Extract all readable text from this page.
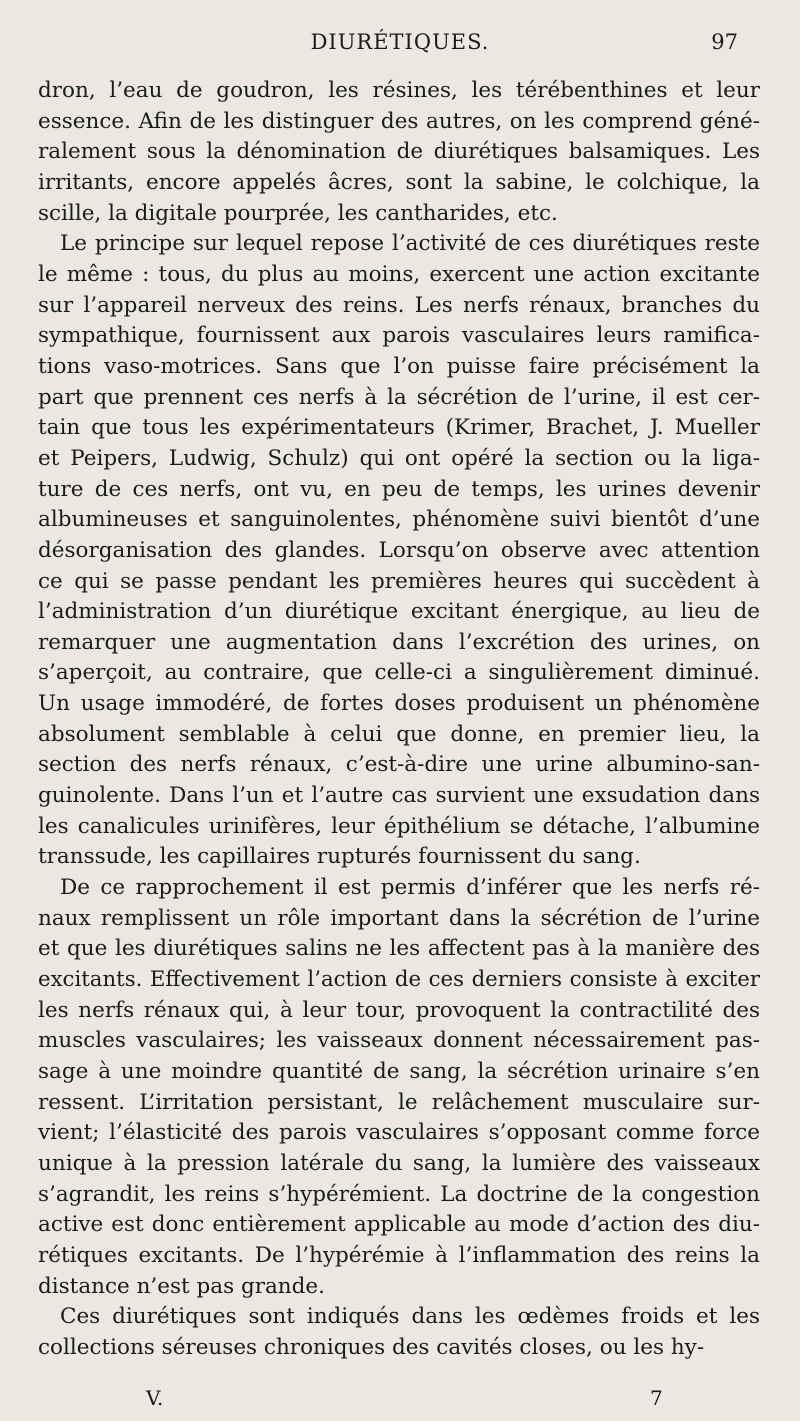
DIURÉTIQUES.	97
dron, l’eau de goudron, les résines, les térébenthines et leur
essence. Afin de les distinguer des autres, on les comprend géné-
ralement sous la dénomination de diurétiques balsamiques. Les
irritants, encore appelés âcres, sont la sabine, le colchique, la
scille, la digitale pourprée, les cantharides, etc.
Le principe sur lequel repose l’activité de ces diurétiques reste
le même : tous, du plus au moins, exercent une action excitante
sur l’appareil nerveux des reins. Les nerfs rénaux, branches du
sympathique, fournissent aux parois vasculaires leurs ramifica-
tions vaso-motrices. Sans que l’on puisse faire précisément la
part que prennent ces nerfs à la sécrétion de l’urine, il est cer-
tain que tous les expérimentateurs (Krimer, Brachet, J. Mueller
et Peipers, Ludwig, Schulz) qui ont opéré la section ou la liga-
ture de ces nerfs, ont vu, en peu de temps, les urines devenir
albumineuses et sanguinolentes, phénomène suivi bientôt d’une
désorganisation des glandes. Lorsqu’on observe avec attention
ce qui se passe pendant les premières heures qui succèdent à
l’administration d’un diurétique excitant énergique, au lieu de
remarquer une augmentation dans l’excrétion des urines, on
s’aperçoit, au contraire, que celle-ci a singulièrement diminué.
Un usage immodéré, de fortes doses produisent un phénomène
absolument semblable à celui que donne, en premier lieu, la
section des nerfs rénaux, c’est-à-dire une urine albumino-san-
guinolente. Dans l’un et l’autre cas survient une exsudation dans
les canalicules urinifères, leur épithélium se détache, l’albumine
transsude, les capillaires rupturés fournissent du sang.
De ce rapprochement il est permis d’inférer que les nerfs ré-
naux remplissent un rôle important dans la sécrétion de l’urine
et que les diurétiques salins ne les affectent pas à la manière des
excitants. Effectivement l’action de ces derniers consiste à exciter
les nerfs rénaux qui, à leur tour, provoquent la contractilité des
muscles vasculaires; les vaisseaux donnent nécessairement pas-
sage à une moindre quantité de sang, la sécrétion urinaire s’en
ressent. L’irritation persistant, le relâchement musculaire sur-
vient; l’élasticité des parois vasculaires s’opposant comme force
unique à la pression latérale du sang, la lumière des vaisseaux
s’agrandit, les reins s’hypérémient. La doctrine de la congestion
active est donc entièrement applicable au mode d’action des diu-
rétiques excitants. De l’hypérémie à l’inflammation des reins la
distance n’est pas grande.
Ces diurétiques sont indiqués dans les œdèmes froids et les
collections séreuses chroniques des cavités closes, ou les hy-
V.	7
